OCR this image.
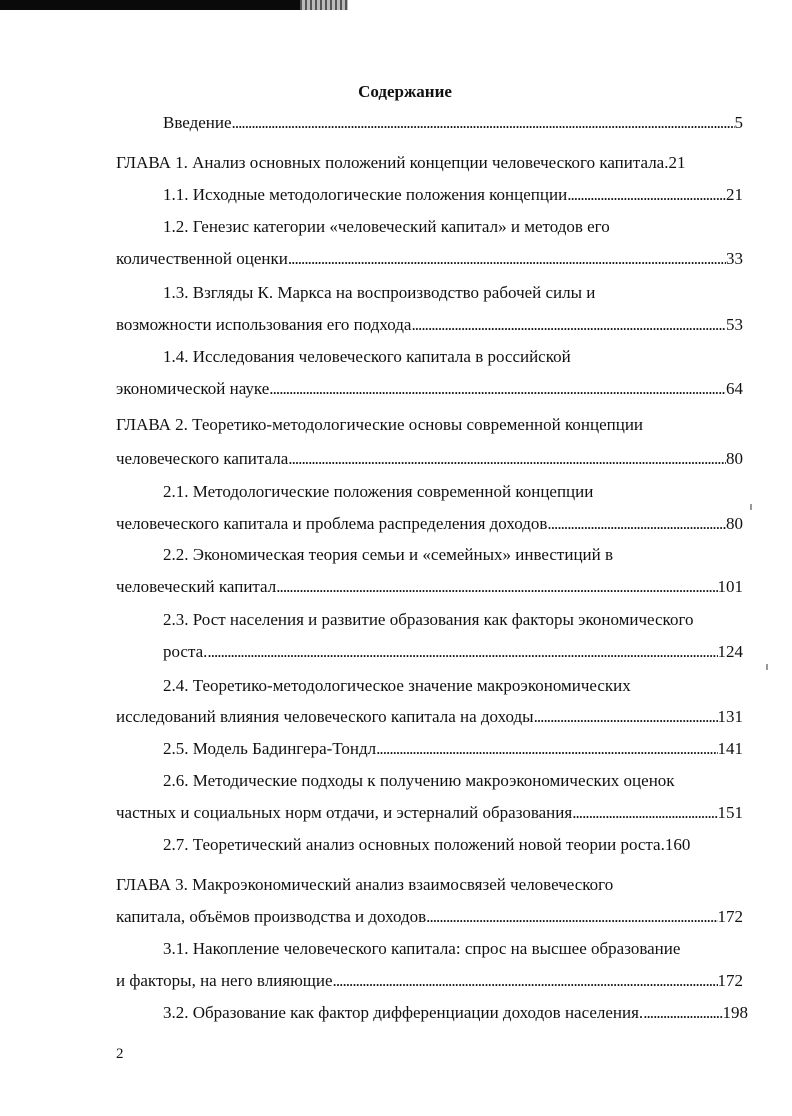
Содержание
Введение . . .	5
ГЛАВА 1. Анализ основных положений концепции человеческого капитала.21
1.1. Исходные методологические положения концепции . . .	21
1.2. Генезис категории «человеческий капитал» и методов его
количественной оценки . . .	33
1.3. Взгляды К. Маркса на воспроизводство рабочей силы и
возможности использования его подхода . . .	53
1.4. Исследования человеческого капитала в российской
экономической науке . . .	64
ГЛАВА 2. Теоретико-методологические основы современной концепции
человеческого капитала . . .	80
2.1. Методологические положения современной концепции
человеческого капитала и проблема распределения доходов . . .	80
2.2. Экономическая теория семьи и «семейных» инвестиций в
человеческий капитал . . .	101
2.3. Рост населения и развитие образования как факторы экономического
роста. . . .	124
2.4. Теоретико-методологическое значение макроэкономических
исследований влияния человеческого капитала на доходы . . .	131
2.5. Модель Бадингера-Тондл . . .	141
2.6. Методические подходы к получению макроэкономических оценок
частных и социальных норм отдачи, и эстерналий образования . . .	151
2.7. Теоретический анализ основных положений новой теории роста.160
ГЛАВА 3. Макроэкономический анализ взаимосвязей человеческого
капитала, объёмов производства и доходов . . .	172
3.1. Накопление человеческого капитала: спрос на высшее образование
и факторы, на него влияющие . . .	172
3.2. Образование как фактор дифференциации доходов населения. . . .	198
2
